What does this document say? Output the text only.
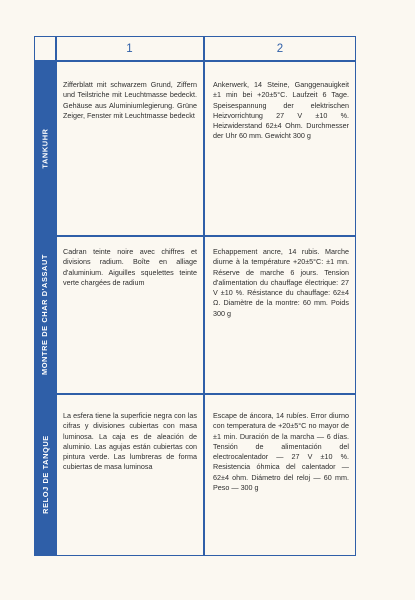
1	2
TANKUHR
MONTRE DE CHAR D'ASSAUT
RELOJ DE TANQUE
Zifferblatt mit schwarzem Grund, Ziffern und Teilstriche mit Leuchtmasse bedeckt. Gehäuse aus Aluminiumlegierung. Grüne Zeiger, Fenster mit Leuchtmasse bedeckt
Ankerwerk, 14 Steine, Ganggenauigkeit ±1 min bei +20±5°C. Laufzeit 6 Tage. Speisespannung der elektrischen Heizvorrichtung 27 V ±10 %. Heizwiderstand 62±4 Ohm. Durchmesser der Uhr 60 mm. Gewicht 300 g
Cadran teinte noire avec chiffres et divisions radium. Boîte en alliage d'aluminium. Aiguilles squelettes teinte verte chargées de radium
Echappement ancre, 14 rubis. Marche diurne à la température +20±5°C: ±1 mn. Réserve de marche 6 jours. Tension d'alimentation du chauffage électrique: 27 V ±10 %. Résistance du chauffage: 62±4 Ω. Diamètre de la montre: 60 mm. Poids 300 g
La esfera tiene la superficie negra con las cifras y divisiones cubiertas con masa luminosa. La caja es de aleación de aluminio. Las agujas están cubiertas con pintura verde. Las lumbreras de forma cubiertas de masa luminosa
Escape de áncora, 14 rubíes. Error diurno con temperatura de +20±5°C no mayor de ±1 min. Duración de la marcha — 6 días. Tensión de alimentación del electrocalentador — 27 V ±10 %. Resistencia óhmica del calentador — 62±4 ohm. Diámetro del reloj — 60 mm. Peso — 300 g
